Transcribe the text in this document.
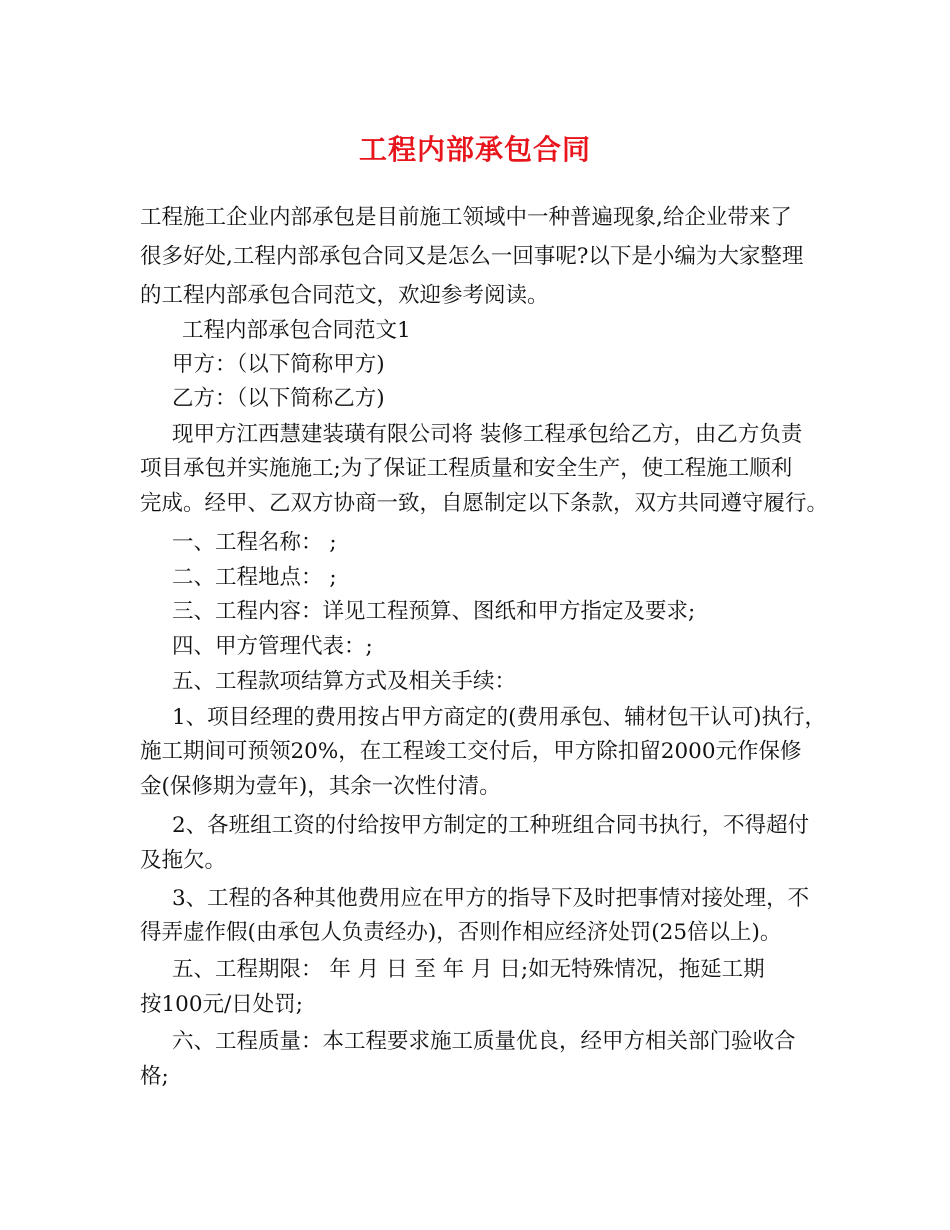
工程内部承包合同
工程施工企业内部承包是目前施工领域中一种普遍现象,给企业带来了
很多好处,工程内部承包合同又是怎么一回事呢?以下是小编为大家整理
的工程内部承包合同范文，欢迎参考阅读。
工程内部承包合同范文1
甲方：（以下简称甲方)
乙方：（以下简称乙方)
现甲方江西慧建装璜有限公司将 装修工程承包给乙方，由乙方负责
项目承包并实施施工;为了保证工程质量和安全生产，使工程施工顺利
完成。经甲、乙双方协商一致，自愿制定以下条款，双方共同遵守履行。
一、工程名称： ;
二、工程地点： ;
三、工程内容：详见工程预算、图纸和甲方指定及要求;
四、甲方管理代表：;
五、工程款项结算方式及相关手续：
1、项目经理的费用按占甲方商定的(费用承包、辅材包干认可)执行，
施工期间可预领20%，在工程竣工交付后，甲方除扣留2000元作保修
金(保修期为壹年)，其余一次性付清。
2、各班组工资的付给按甲方制定的工种班组合同书执行，不得超付
及拖欠。
3、工程的各种其他费用应在甲方的指导下及时把事情对接处理，不
得弄虚作假(由承包人负责经办)，否则作相应经济处罚(25倍以上)。
五、工程期限： 年 月 日 至 年 月 日;如无特殊情况，拖延工期
按100元/日处罚;
六、工程质量：本工程要求施工质量优良，经甲方相关部门验收合
格;
